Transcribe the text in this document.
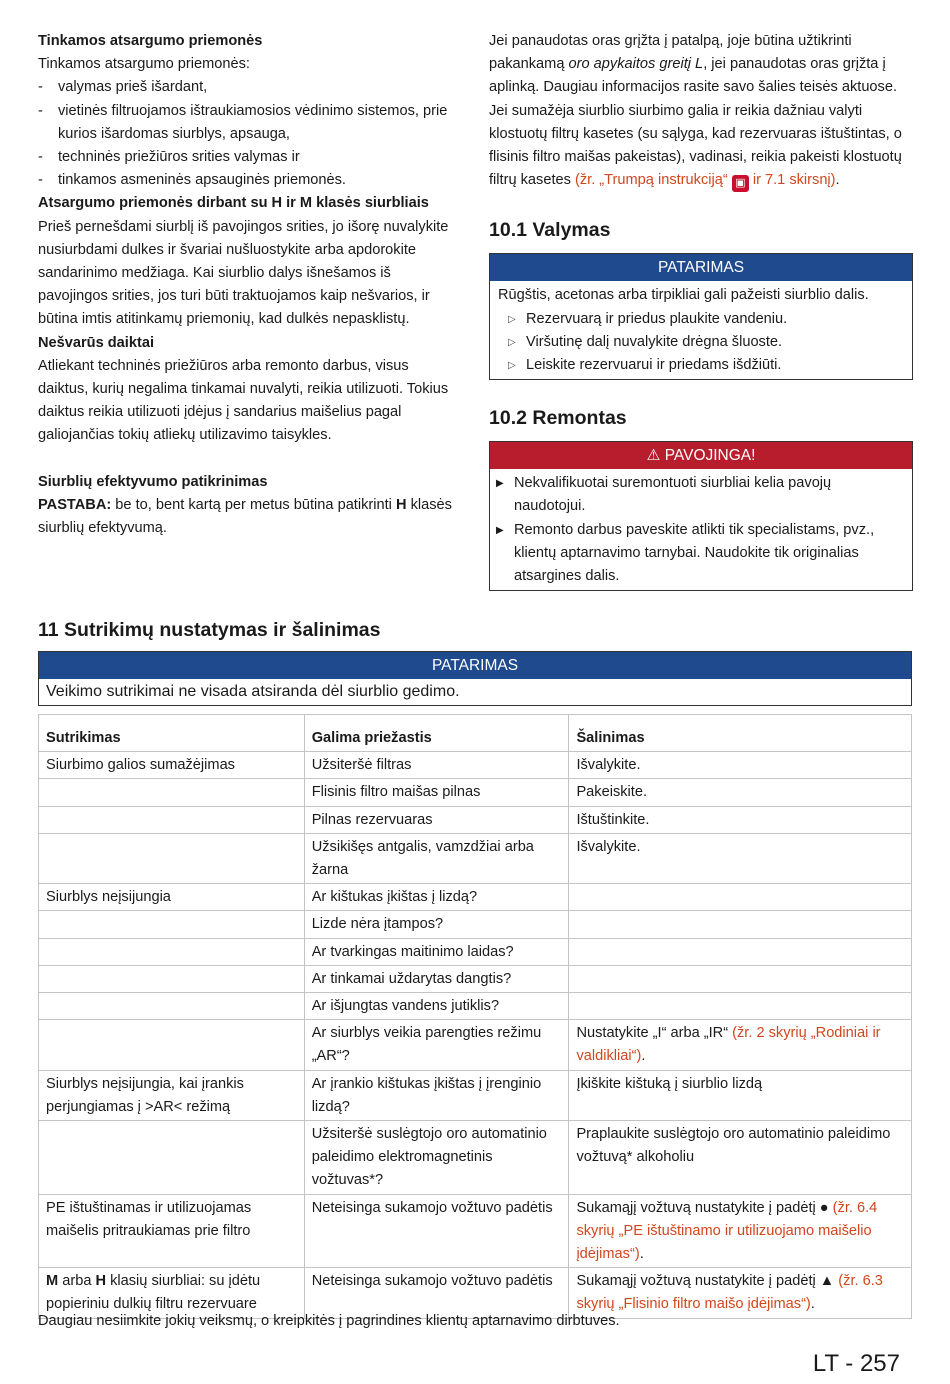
Tinkamos atsargumo priemonės

Tinkamos atsargumo priemonės:

- valymas prieš išardant,
- vietinės filtruojamos ištraukiamosios vėdinimo sistemos, prie kurios išardomas siurblys, apsauga,
- techninės priežiūros srities valymas ir
- tinkamos asmeninės apsauginės priemonės.

Atsargumo priemonės dirbant su H ir M klasės siurbliais

Prieš pernešdami siurblį iš pavojingos srities, jo išorę nuvalykite nusiurbdami dulkes ir švariai nušluostykite arba apdorokite sandarinimo medžiaga. Kai siurblio dalys išnešamos iš pavojingos srities, jos turi būti traktuojamos kaip nešvarios, ir būtina imtis atitinkamų priemonių, kad dulkės nepasklistų.

Nešvarūs daiktai

Atliekant techninės priežiūros arba remonto darbus, visus daiktus, kurių negalima tinkamai nuvalyti, reikia utilizuoti. Tokius daiktus reikia utilizuoti įdėjus į sandarius maišelius pagal galiojančias tokių atliekų utilizavimo taisykles.

Siurblių efektyvumo patikrinimas

PASTABA: be to, bent kartą per metus būtina patikrinti H klasės siurblių efektyvumą.

Jei panaudotas oras grįžta į patalpą, joje būtina užtikrinti pakankamą oro apykaitos greitį L, jei panaudotas oras grįžta į aplinką. Daugiau informacijos rasite savo šalies teisės aktuose.

Jei sumažėja siurblio siurbimo galia ir reikia dažniau valyti klostuotų filtrų kasetes (su sąlyga, kad rezervuaras ištuštintas, o flisinis filtro maišas pakeistas), vadinasi, reikia pakeisti klostuotų filtrų kasetes (žr. „Trumpą instrukciją“ ▣ ir 7.1 skirsnį).

10.1 Valymas
PATARIMAS

Rūgštis, acetonas arba tirpikliai gali pažeisti siurblio dalis.

▷ Rezervuarą ir priedus plaukite vandeniu.
▷ Viršutinę dalį nuvalykite drėgna šluoste.
▷ Leiskite rezervuarui ir priedams išdžiūti.
10.2 Remontas
⚠ PAVOJINGA!
▶ Nekvalifikuotai suremontuoti siurbliai kelia pavojų naudotojui.
▶ Remonto darbus paveskite atlikti tik specialistams, pvz., klientų aptarnavimo tarnybai. Naudokite tik originalias atsargines dalis.
11 Sutrikimų nustatymas ir šalinimas
PATARIMAS
Veikimo sutrikimai ne visada atsiranda dėl siurblio gedimo.
Sutrikimas	Galima priežastis	Šalinimas
Siurbimo galios sumažėjimas	Užsiteršė filtras	Išvalykite.
	Flisinis filtro maišas pilnas	Pakeiskite.
	Pilnas rezervuaras	Ištuštinkite.
	Užsikišęs antgalis, vamzdžiai arba žarna	Išvalykite.
Siurblys neįsijungia	Ar kištukas įkištas į lizdą?	
	Lizde nėra įtampos?	
	Ar tvarkingas maitinimo laidas?	
	Ar tinkamai uždarytas dangtis?	
	Ar išjungtas vandens jutiklis?	
	Ar siurblys veikia parengties režimu „AR“?	Nustatykite „I“ arba „IR“ (žr. 2 skyrių „Rodiniai ir valdikliai“).
Siurblys neįsijungia, kai įrankis perjungiamas į >AR< režimą	Ar įrankio kištukas įkištas į įrenginio lizdą?	Įkiškite kištuką į siurblio lizdą
	Užsiteršė suslėgtojo oro automatinio paleidimo elektromagnetinis vožtuvas*?	Praplaukite suslėgtojo oro automatinio paleidimo vožtuvą* alkoholiu
PE ištuštinamas ir utilizuojamas maišelis pritraukiamas prie filtro	Neteisinga sukamojo vožtuvo padėtis	Sukamąjį vožtuvą nustatykite į padėtį ● (žr. 6.4 skyrių „PE ištuštinamo ir utilizuojamo maišelio įdėjimas“).
M arba H klasių siurbliai: su įdėtu popieriniu dulkių filtru rezervuare	Neteisinga sukamojo vožtuvo padėtis	Sukamąjį vožtuvą nustatykite į padėtį ▲ (žr. 6.3 skyrių „Flisinio filtro maišo įdėjimas“).
Daugiau nesiimkite jokių veiksmų, o kreipkitės į pagrindines klientų aptarnavimo dirbtuves.
LT - 257
